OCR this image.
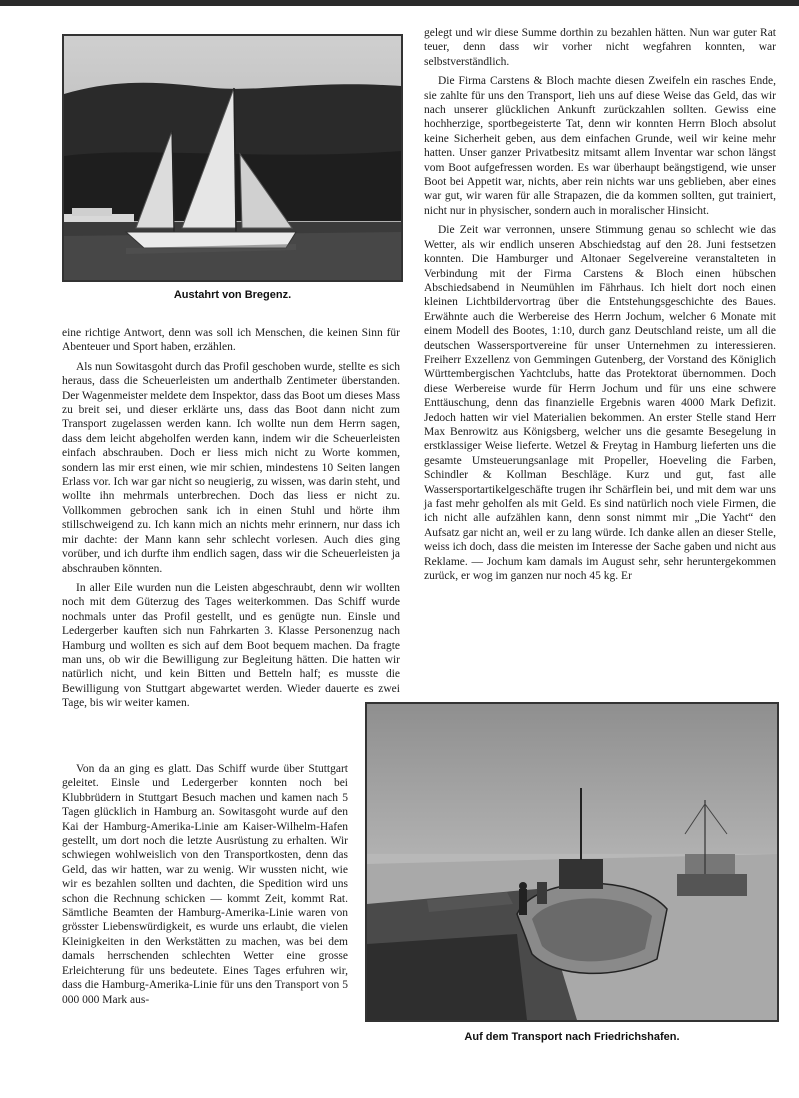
Austahrt von Bregenz.

eine richtige Antwort, denn was soll ich Menschen, die keinen Sinn für Abenteuer und Sport haben, erzählen.

Als nun Sowitasgoht durch das Profil geschoben wurde, stellte es sich heraus, dass die Scheuerleisten um anderthalb Zentimeter überstanden. Der Wagenmeister meldete dem Inspektor, dass das Boot um dieses Mass zu breit sei, und dieser erklärte uns, dass das Boot dann nicht zum Transport zugelassen werden kann. Ich wollte nun dem Herrn sagen, dass dem leicht abgeholfen werden kann, indem wir die Scheuerleisten einfach abschrauben. Doch er liess mich nicht zu Worte kommen, sondern las mir erst einen, wie mir schien, mindestens 10 Seiten langen Erlass vor. Ich war gar nicht so neugierig, zu wissen, was darin steht, und wollte ihn mehrmals unterbrechen. Doch das liess er nicht zu. Vollkommen gebrochen sank ich in einen Stuhl und hörte ihm stillschweigend zu. Ich kann mich an nichts mehr erinnern, nur dass ich mir dachte: der Mann kann sehr schlecht vorlesen. Auch dies ging vorüber, und ich durfte ihm endlich sagen, dass wir die Scheuerleisten ja abschrauben könnten.

In aller Eile wurden nun die Leisten abgeschraubt, denn wir wollten noch mit dem Güterzug des Tages weiterkommen. Das Schiff wurde nochmals unter das Profil gestellt, und es genügte nun. Einsle und Ledergerber kauften sich nun Fahrkarten 3. Klasse Personenzug nach Hamburg und wollten es sich auf dem Boot bequem machen. Da fragte man uns, ob wir die Bewilligung zur Begleitung hätten. Die hatten wir natürlich nicht, und kein Bitten und Betteln half; es musste die Bewilligung von Stuttgart abgewartet werden. Wieder dauerte es zwei Tage, bis wir weiter kamen.

Von da an ging es glatt. Das Schiff wurde über Stuttgart geleitet. Einsle und Ledergerber konnten noch bei Klubbrüdern in Stuttgart Besuch machen und kamen nach 5 Tagen glücklich in Hamburg an. Sowitasgoht wurde auf den Kai der Hamburg-Amerika-Linie am Kaiser-Wilhelm-Hafen gestellt, um dort noch die letzte Ausrüstung zu erhalten. Wir schwiegen wohlweislich von den Transportkosten, denn das Geld, das wir hatten, war zu wenig. Wir wussten nicht, wie wir es bezahlen sollten und dachten, die Spedition wird uns schon die Rechnung schicken — kommt Zeit, kommt Rat. Sämtliche Beamten der Hamburg-Amerika-Linie waren von grösster Liebenswürdigkeit, es wurde uns erlaubt, die vielen Kleinigkeiten in den Werkstätten zu machen, was bei dem damals herrschenden schlechten Wetter eine grosse Erleichterung für uns bedeutete. Eines Tages erfuhren wir, dass die Hamburg-Amerika-Linie für uns den Transport von 5 000 000 Mark aus-

gelegt und wir diese Summe dorthin zu bezahlen hätten. Nun war guter Rat teuer, denn dass wir vorher nicht wegfahren konnten, war selbstverständlich.

Die Firma Carstens & Bloch machte diesen Zweifeln ein rasches Ende, sie zahlte für uns den Transport, lieh uns auf diese Weise das Geld, das wir nach unserer glücklichen Ankunft zurückzahlen sollten. Gewiss eine hochherzige, sportbegeisterte Tat, denn wir konnten Herrn Bloch absolut keine Sicherheit geben, aus dem einfachen Grunde, weil wir keine mehr hatten. Unser ganzer Privatbesitz mitsamt allem Inventar war schon längst vom Boot aufgefressen worden. Es war überhaupt beängstigend, wie unser Boot bei Appetit war, nichts, aber rein nichts war uns geblieben, aber eines war gut, wir waren für alle Strapazen, die da kommen sollten, gut trainiert, nicht nur in physischer, sondern auch in moralischer Hinsicht.

Die Zeit war verronnen, unsere Stimmung genau so schlecht wie das Wetter, als wir endlich unseren Abschiedstag auf den 28. Juni festsetzen konnten. Die Hamburger und Altonaer Segelvereine veranstalteten in Verbindung mit der Firma Carstens & Bloch einen hübschen Abschiedsabend in Neumühlen im Fährhaus. Ich hielt dort noch einen kleinen Lichtbildervortrag über die Entstehungsgeschichte des Baues. Erwähnte auch die Werbereise des Herrn Jochum, welcher 6 Monate mit einem Modell des Bootes, 1:10, durch ganz Deutschland reiste, um all die deutschen Wassersportvereine für unser Unternehmen zu interessieren. Freiherr Exzellenz von Gemmingen Gutenberg, der Vorstand des Königlich Württembergischen Yachtclubs, hatte das Protektorat übernommen. Doch diese Werbereise wurde für Herrn Jochum und für uns eine schwere Enttäuschung, denn das finanzielle Ergebnis waren 4000 Mark Defizit. Jedoch hatten wir viel Materialien bekommen. An erster Stelle stand Herr Max Benrowitz aus Königsberg, welcher uns die gesamte Besegelung in erstklassiger Weise lieferte. Wetzel & Freytag in Hamburg lieferten uns die gesamte Umsteuerungsanlage mit Propeller, Hoeveling die Farben, Schindler & Kollman Beschläge. Kurz und gut, fast alle Wassersportartikelgeschäfte trugen ihr Schärflein bei, und mit dem war uns ja fast mehr geholfen als mit Geld. Es sind natürlich noch viele Firmen, die ich nicht alle aufzählen kann, denn sonst nimmt mir „Die Yacht“ den Aufsatz gar nicht an, weil er zu lang würde. Ich danke allen an dieser Stelle, weiss ich doch, dass die meisten im Interesse der Sache gaben und nicht aus Reklame. — Jochum kam damals im August sehr, sehr heruntergekommen zurück, er wog im ganzen nur noch 45 kg. Er

Auf dem Transport nach Friedrichshafen.
